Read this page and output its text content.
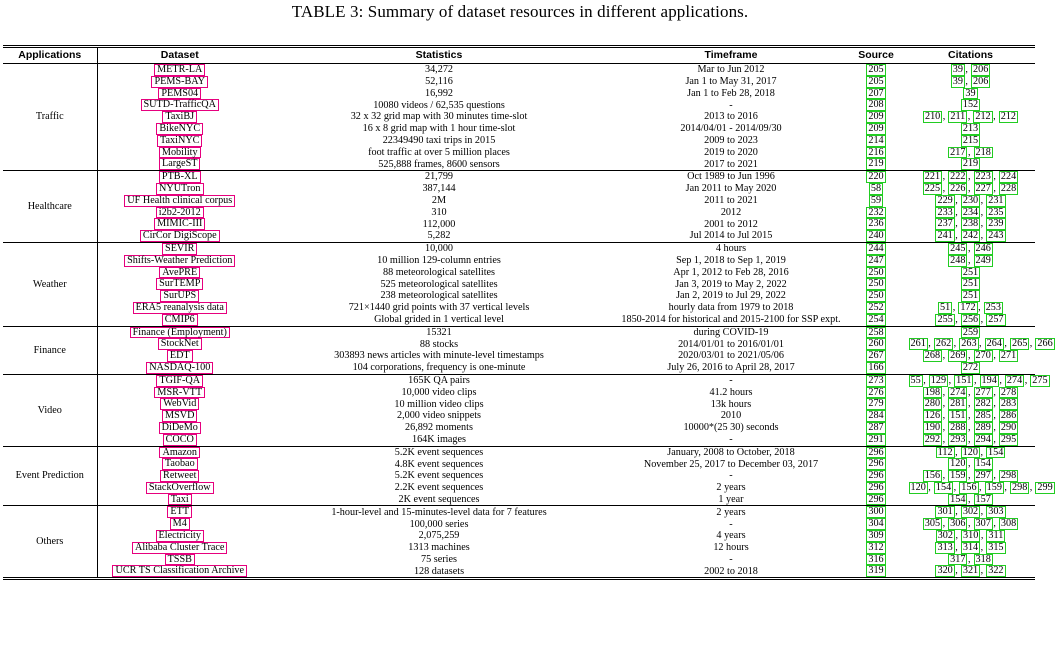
TABLE 3: Summary of dataset resources in different applications.
Applications	Dataset	Statistics	Timeframe	Source	Citations
Traffic	METR-LA	34,272	Mar to Jun 2012	205	39 , 206
	PEMS-BAY	52,116	Jan 1 to May 31, 2017	205	39 , 206
	PEMS04	16,992	Jan 1 to Feb 28, 2018	207	39
	SUTD-TrafficQA	10080 videos / 62,535 questions	-	208	152
	TaxiBJ	32 x 32 grid map with 30 minutes time-slot	2013 to 2016	209	210 , 211 , 212 , 212
	BikeNYC	16 x 8 grid map with 1 hour time-slot	2014/04/01 - 2014/09/30	209	213
	TaxiNYC	22349490 taxi trips in 2015	2009 to 2023	214	215
	Mobility	foot traffic at over 5 million places	2019 to 2020	216	217 , 218
	LargeST	525,888 frames, 8600 sensors	2017 to 2021	219	219
Healthcare	PTB-XL	21,799	Oct 1989 to Jun 1996	220	221 , 222 , 223 , 224
	NYUTron	387,144	Jan 2011 to May 2020	58	225 , 226 , 227 , 228
	UF Health clinical corpus	2M	2011 to 2021	59	229 , 230 , 231
	i2b2-2012	310	2012	232	233 , 234 , 235
	MIMIC-III	112,000	2001 to 2012	236	237 , 238 , 239
	CirCor DigiScope	5,282	Jul 2014 to Jul 2015	240	241 , 242 , 243
Weather	SEVIR	10,000	4 hours	244	245 , 246
	Shifts-Weather Prediction	10 million 129-column entries	Sep 1, 2018 to Sep 1, 2019	247	248 , 249
	AvePRE	88 meteorological satellites	Apr 1, 2012 to Feb 28, 2016	250	251
	SurTEMP	525 meteorological satellites	Jan 3, 2019 to May 2, 2022	250	251
	SurUPS	238 meteorological satellites	Jan 2, 2019 to Jul 29, 2022	250	251
	ERA5 reanalysis data	721×1440 grid points with 37 vertical levels	hourly data from 1979 to 2018	252	51 , 172 , 253
	CMIP6	Global grided in 1 vertical level	1850-2014 for historical and 2015-2100 for SSP expt.	254	255 , 256 , 257
Finance	Finance (Employment)	15321	during COVID-19	258	259
	StockNet	88 stocks	2014/01/01 to 2016/01/01	260	261 , 262 , 263 , 264 , 265 , 266
	EDT	303893 news articles with minute-level timestamps	2020/03/01 to 2021/05/06	267	268 , 269 , 270 , 271
	NASDAQ-100	104 corporations, frequency is one-minute	July 26, 2016 to April 28, 2017	166	272
Video	TGIF-QA	165K QA pairs	-	273	55 , 129 , 151 , 194 , 274 , 275
	MSR-VTT	10,000 video clips	41.2 hours	276	198 , 274 , 277 , 278
	WebVid	10 million video clips	13k hours	279	280 , 281 , 282 , 283
	MSVD	2,000 video snippets	2010	284	126 , 151 , 285 , 286
	DiDeMo	26,892 moments	10000*(25 30) seconds	287	190 , 288 , 289 , 290
	COCO	164K images	-	291	292 , 293 , 294 , 295
Event Prediction	Amazon	5.2K event sequences	January, 2008 to October, 2018	296	112 , 120 , 154
	Taobao	4.8K event sequences	November 25, 2017 to December 03, 2017	296	120 , 154
	Retweet	5.2K event sequences	-	296	156 , 159 , 297 , 298
	StackOverflow	2.2K event sequences	2 years	296	120 , 154 , 156 , 159 , 298 , 299
	Taxi	2K event sequences	1 year	296	154 , 157
Others	ETT	1-hour-level and 15-minutes-level data for 7 features	2 years	300	301 , 302 , 303
	M4	100,000 series	-	304	305 , 306 , 307 , 308
	Electricity	2,075,259	4 years	309	302 , 310 , 311
	Alibaba Cluster Trace	1313 machines	12 hours	312	313 , 314 , 315
	TSSB	75 series	-	316	317 , 318
	UCR TS Classification Archive	128 datasets	2002 to 2018	319	320 , 321 , 322
